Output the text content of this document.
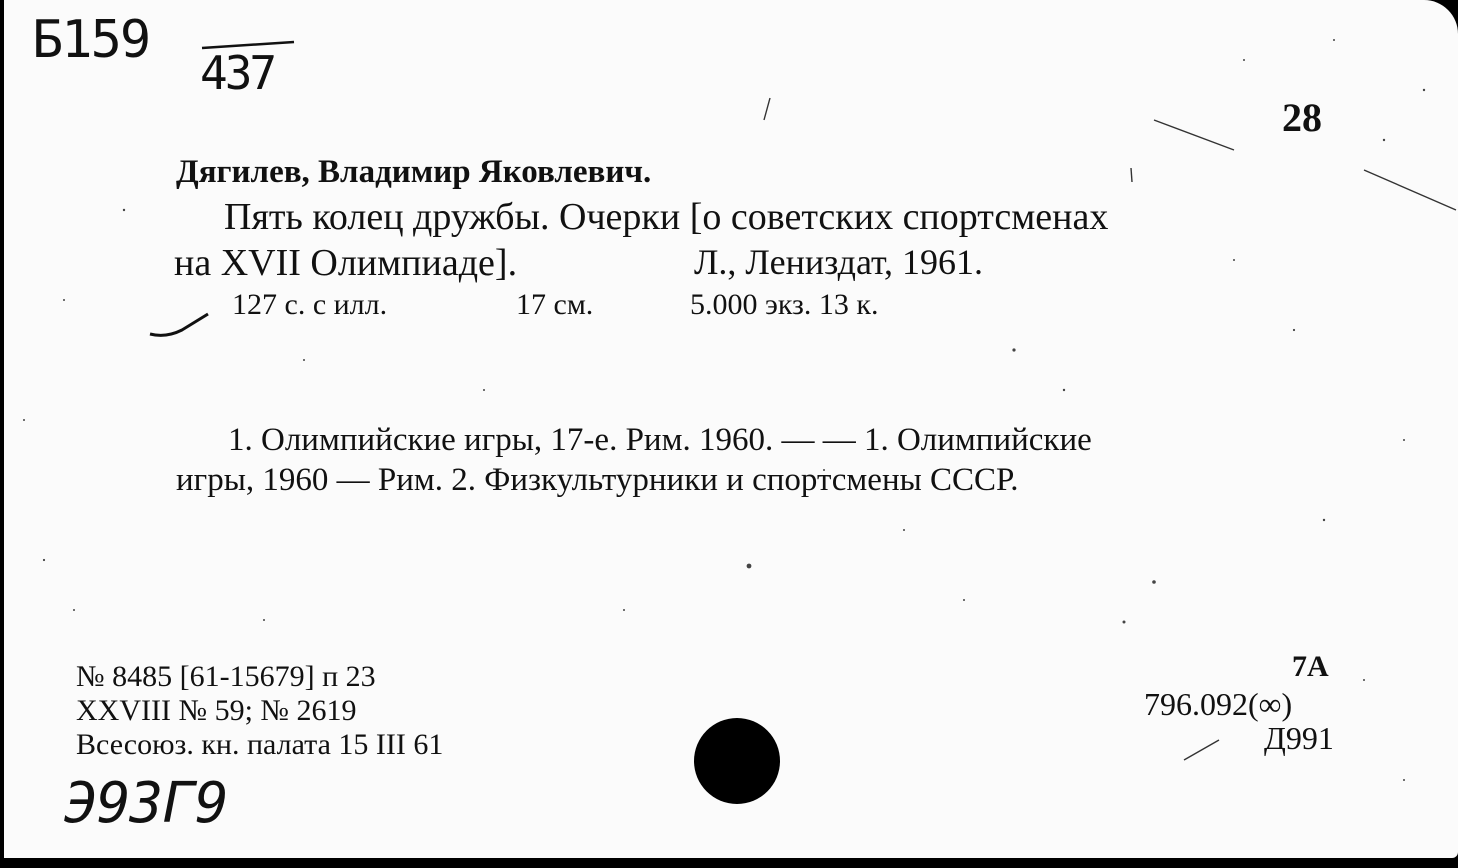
Б159
437
28
Дягилев, Владимир Яковлевич.
Пять колец дружбы. Очерки [о советских спортсменах
на XVII Олимпиаде].	Л., Лениздат, 1961.
127 с. с илл.	17 см.	5.000 экз. 13 к.
1. Олимпийские игры, 17-е. Рим. 1960. — — 1. Олимпийские
игры, 1960 — Рим. 2. Физкультурники и спортсмены СССР.
№ 8485 [61-15679] п 23
XXVIII № 59; № 2619
Всесоюз. кн. палата 15 III 61
Э93Г9
7А
796.092(∞)
Д991
